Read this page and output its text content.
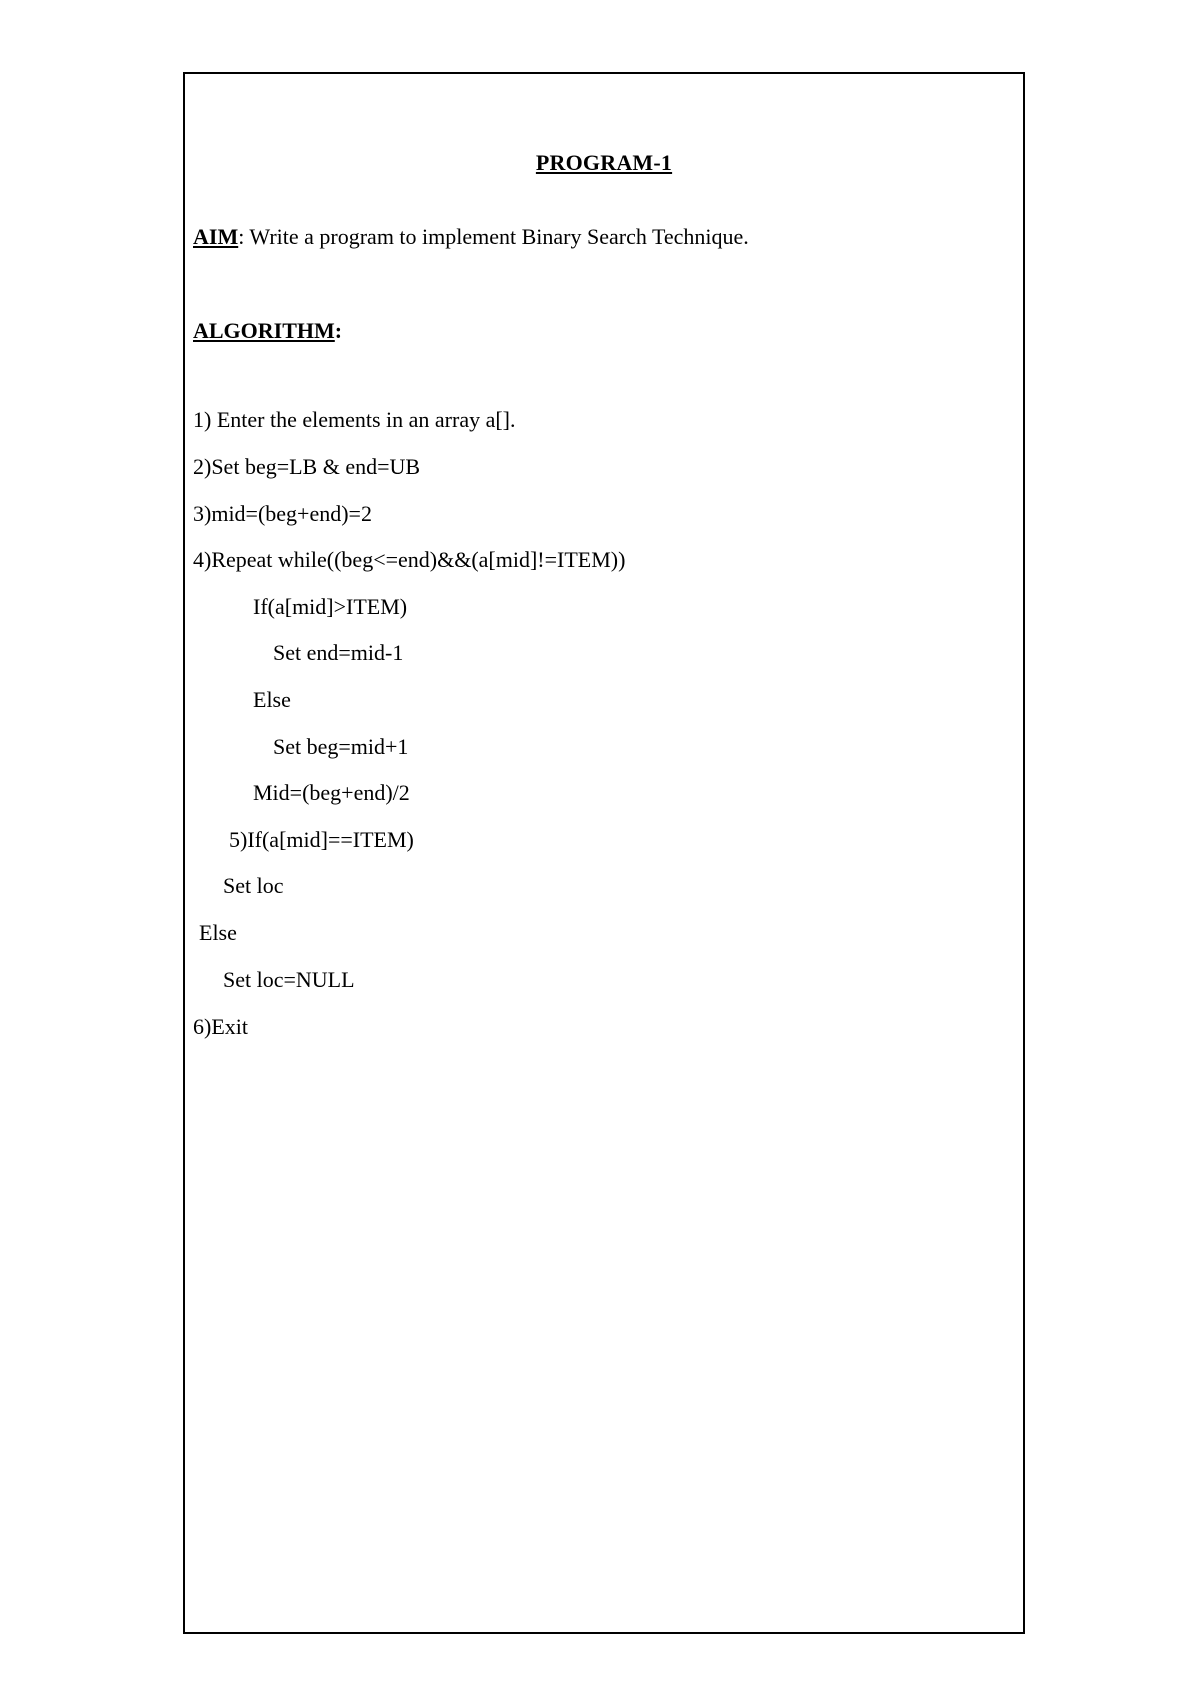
PROGRAM-1
AIM: Write a program to implement Binary Search Technique.
ALGORITHM:
1) Enter the elements in an array a[].
2)Set beg=LB & end=UB
3)mid=(beg+end)=2
4)Repeat while((beg<=end)&&(a[mid]!=ITEM))
If(a[mid]>ITEM)
Set end=mid-1
Else
Set beg=mid+1
Mid=(beg+end)/2
5)If(a[mid]==ITEM)
Set loc
Else
Set loc=NULL
6)Exit
